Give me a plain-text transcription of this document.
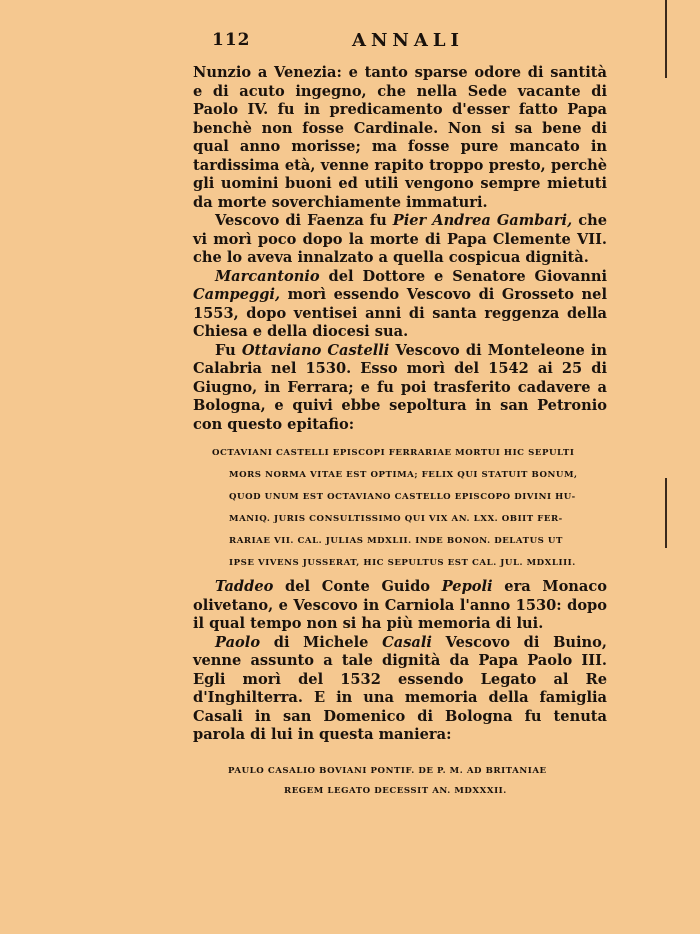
112	ANNALI

Nunzio a Venezia: e tanto sparse odore di santità e di acuto ingegno, che nella Sede vacante di Paolo IV. fu in predicamento d'esser fatto Papa benchè non fosse Cardinale. Non si sa bene di qual anno morisse; ma fosse pure mancato in tardissima età, venne rapito troppo presto, perchè gli uomini buoni ed utili vengono sempre mietuti da morte soverchiamente immaturi.

Vescovo di Faenza fu Pier Andrea Gambari, che vi morì poco dopo la morte di Papa Clemente VII. che lo aveva innalzato a quella cospicua dignità.

Marcantonio del Dottore e Senatore Giovanni Campeggi, morì essendo Vescovo di Grosseto nel 1553, dopo ventisei anni di santa reggenza della Chiesa e della diocesi sua.

Fu Ottaviano Castelli Vescovo di Monteleone in Calabria nel 1530. Esso morì del 1542 ai 25 di Giugno, in Ferrara; e fu poi trasferito cadavere a Bologna, e quivi ebbe sepoltura in san Petronio con questo epitafio:

OCTAVIANI CASTELLI EPISCOPI FERRARIAE MORTUI HIC SEPULTI
MORS NORMA VITAE EST OPTIMA; FELIX QUI STATUIT BONUM,
QUOD UNUM EST OCTAVIANO CASTELLO EPISCOPO DIVINI HU-
MANIQ. JURIS CONSULTISSIMO QUI VIX AN. LXX. OBIIT FER-
RARIAE VII. CAL. JULIAS MDXLII. INDE BONON. DELATUS UT
IPSE VIVENS JUSSERAT, HIC SEPULTUS EST CAL. JUL. MDXLIII.

Taddeo del Conte Guido Pepoli era Monaco olivetano, e Vescovo in Carniola l'anno 1530: dopo il qual tempo non si ha più memoria di lui.

Paolo di Michele Casali Vescovo di Buino, venne assunto a tale dignità da Papa Paolo III. Egli morì del 1532 essendo Legato al Re d'Inghilterra. E in una memoria della famiglia Casali in san Domenico di Bologna fu tenuta parola di lui in questa maniera:

PAULO CASALIO BOVIANI PONTIF. DE P. M. AD BRITANIAE
REGEM LEGATO DECESSIT AN. MDXXXII.
